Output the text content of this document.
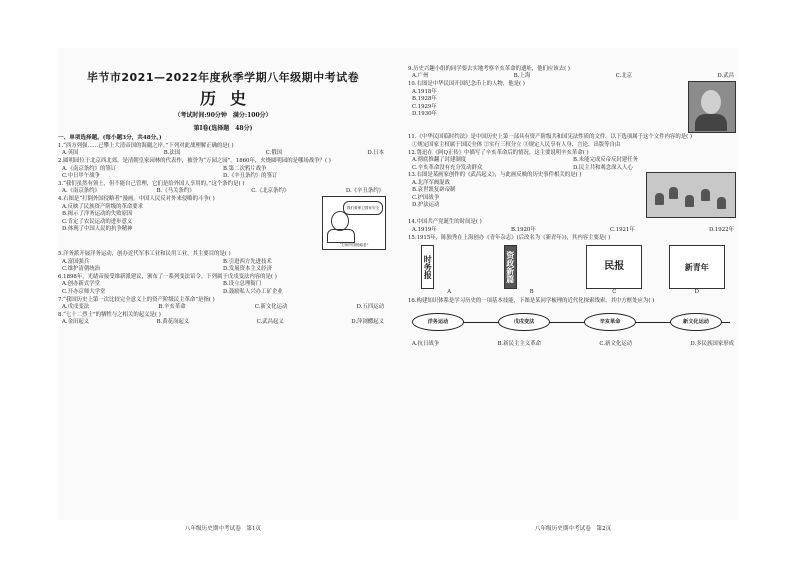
毕节市2021—2022年度秋季学期八年级期中考试卷
历史
（考试时间:90分钟　满分:100分）
第Ⅰ卷(选择题　48分)
一、单项选择题。(每小题3分，共48分。)
1.“西方列强……已攀上大清帝国的海疆之岸。”下列对此战理解正确的是( )
A.英国	B.法国	C.俄国	D.日本
2.圆明园位于北京西北郊，是清朝皇家园林的代表作，被誉为“万园之园”。1860年，火烧圆明园的是哪场战争？( )
A.《南京条约》的签订	B.第二次鸦片战争
C.中日甲午战争	D.《辛丑条约》的签订
3.“我们虽然有领土，但不能自己管理，它们是给外国人享用的。”这个条约是( )
A.《南京条约》	B.《马关条约》	C.《北京条约》	D.《辛丑条约》
我们要保卫国家安全
“打倒外国侵略者”
4.右图是“打倒外国侵略者”漫画。中国人民反对外来侵略的斗争( )
A.反映了民族资产阶级的革命要求
B.揭示了洋务运动的失败原因
C.肯定了农民运动的进步意义
D.体现了中国人民的抗争精神
5.洋务派开展洋务运动，创办近代军事工业和民用工业，其主要目的是( )
A.富国强兵	B.引进西方先进技术
C.维护清朝统治	D.发展资本主义经济
6.1898年，光绪帝接受维新派建议，颁布了一系列变法诏令。下列属于戊戌变法内容的是( )
A.创办新式学堂	B.设立总理衙门
C.开办京师大学堂	D.鼓励私人兴办工矿企业
7.“我国历史上第一次比较完全意义上的资产阶级民主革命”是指( )
A.戊戌变法	B.辛亥革命	C.新文化运动	D.五四运动
8.“七十二烈士”的牺牲与之相关的起义是( )
A.金田起义	B.黄花岗起义	C.武昌起义	D.萍浏醴起义
八年级历史期中考试卷　第1页
9.历史兴趣小组的同学要去实地考察辛亥革命的遗址，他们应该去( )
A.广州	B.上海	C.北京	D.武昌
10.右图是中华民国开国纪念币上的人物，他是( )
A.1918年
B.1928年
C.1929年
D.1930年
11.《中华民国临时约法》是中国历史上第一部具有资产阶级共和国宪法性质的文件。以下选项属于这个文件内容的是( )
①规定国家主权属于国民全体 ②实行三权分立 ③规定人民享有人身、言论、出版等自由
12.鲁迅在《阿Q正传》中描写了辛亥革命后的情况。这主要说明辛亥革命( )
A.彻底推翻了封建制度	B.未能完成反帝反封建任务
C.辛亥革命没有充分发动群众	D.民主共和观念深入人心
13.右图是某画家创作的《武昌起义》，与此画反映的历史事件相关的是( )
A.北洋军阀混战
B.袁世凯复辟帝制
C.护国战争
D.护法运动
14.中国共产党诞生的时间是( )
A.1919年	B.1920年	C.1921年	D.1922年
15.1915年，陈独秀在上海创办《青年杂志》(后改名为《新青年》)，其内容主要是( )
时务报
A
资政新篇
B
民报
C
新青年
D
16.构建知识体系是学习历史的一项基本技能，下图是某同学梳理的近代化探索线索，其中方框处应为( )
洋务运动	戊戌变法	辛亥革命	新文化运动
A.抗日战争	B.新民主主义革命	C.新文化运动	D.多民族国家形成
八年级历史期中考试卷　第2页
